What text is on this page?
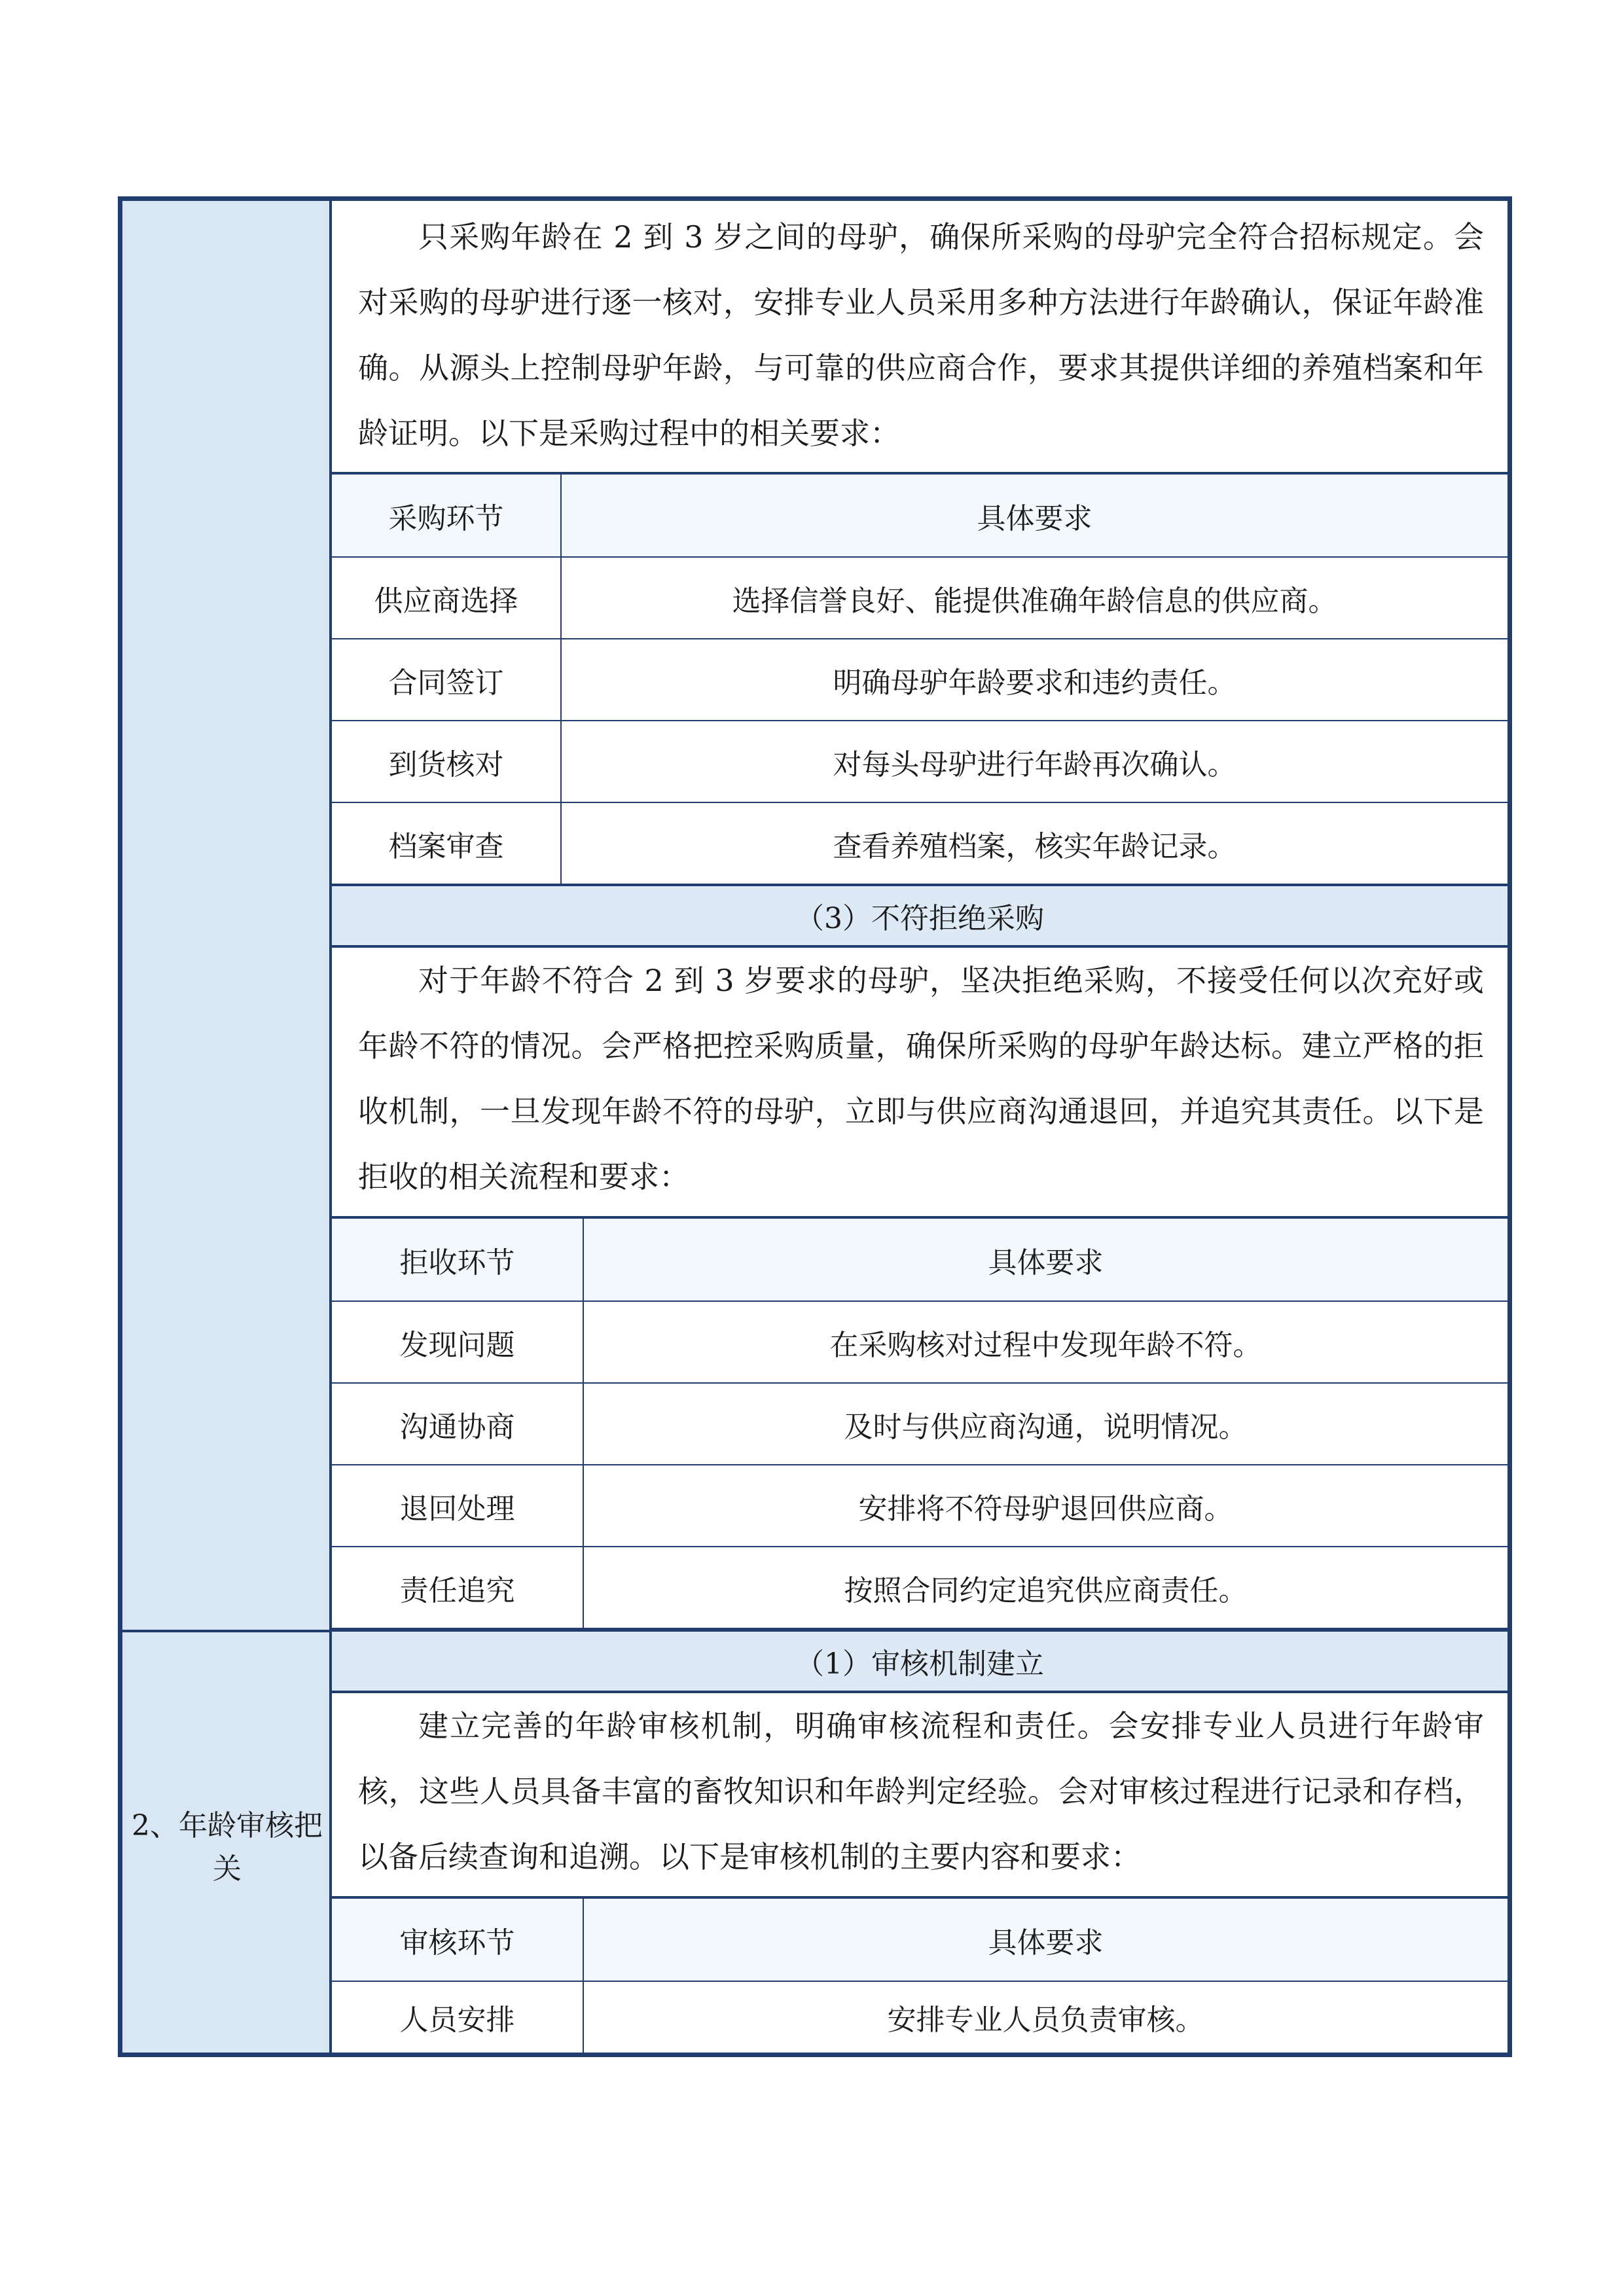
2、年龄审核把关

只采购年龄在 2 到 3 岁之间的母驴，确保所采购的母驴完全符合招标规定。会对采购的母驴进行逐一核对，安排专业人员采用多种方法进行年龄确认，保证年龄准确。从源头上控制母驴年龄，与可靠的供应商合作，要求其提供详细的养殖档案和年龄证明。以下是采购过程中的相关要求：

采购环节	具体要求
供应商选择	选择信誉良好、能提供准确年龄信息的供应商。
合同签订	明确母驴年龄要求和违约责任。
到货核对	对每头母驴进行年龄再次确认。
档案审查	查看养殖档案，核实年龄记录。
（3）不符拒绝采购

对于年龄不符合 2 到 3 岁要求的母驴，坚决拒绝采购，不接受任何以次充好或年龄不符的情况。会严格把控采购质量，确保所采购的母驴年龄达标。建立严格的拒收机制，一旦发现年龄不符的母驴，立即与供应商沟通退回，并追究其责任。以下是拒收的相关流程和要求：

拒收环节	具体要求
发现问题	在采购核对过程中发现年龄不符。
沟通协商	及时与供应商沟通，说明情况。
退回处理	安排将不符母驴退回供应商。
责任追究	按照合同约定追究供应商责任。
（1）审核机制建立

建立完善的年龄审核机制，明确审核流程和责任。会安排专业人员进行年龄审核，这些人员具备丰富的畜牧知识和年龄判定经验。会对审核过程进行记录和存档，以备后续查询和追溯。以下是审核机制的主要内容和要求：

审核环节	具体要求
人员安排	安排专业人员负责审核。
